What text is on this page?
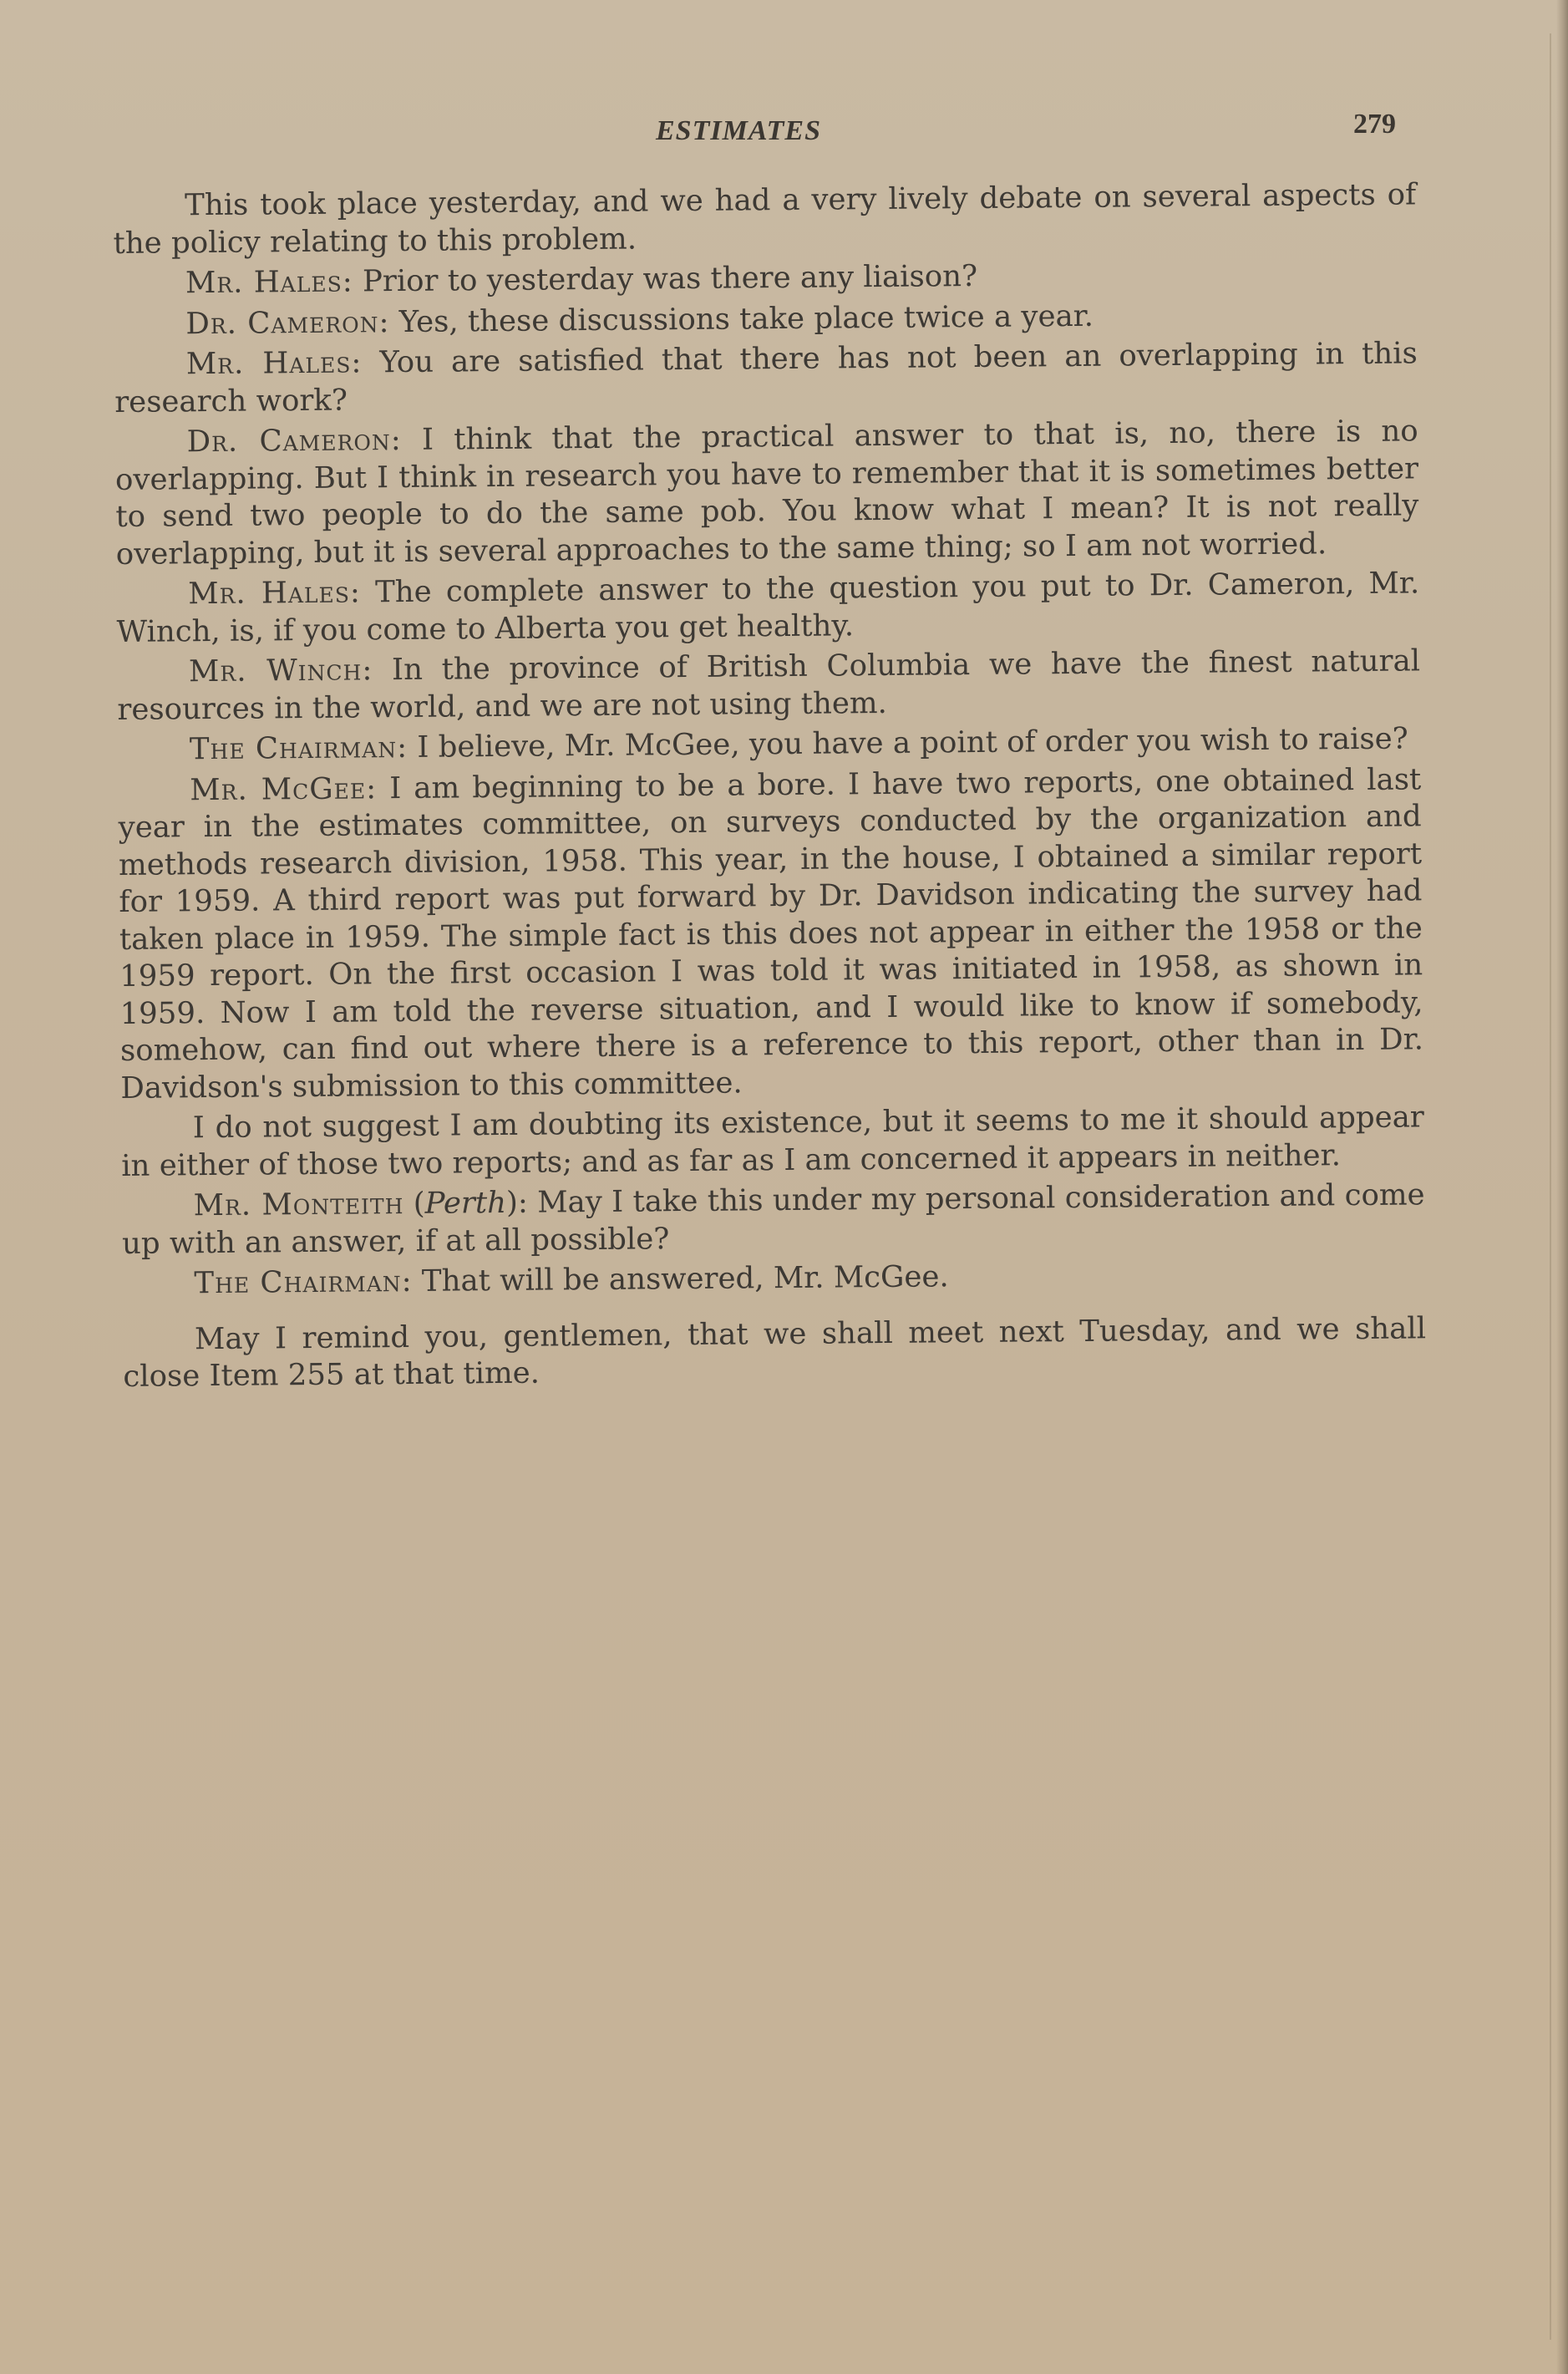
ESTIMATES	279

This took place yesterday, and we had a very lively debate on several aspects of the policy relating to this problem.

Mr. Hales: Prior to yesterday was there any liaison?

Dr. Cameron: Yes, these discussions take place twice a year.

Mr. Hales: You are satisfied that there has not been an overlapping in this research work?

Dr. Cameron: I think that the practical answer to that is, no, there is no overlapping. But I think in research you have to remember that it is sometimes better to send two people to do the same pob. You know what I mean? It is not really overlapping, but it is several approaches to the same thing; so I am not worried.

Mr. Hales: The complete answer to the question you put to Dr. Cameron, Mr. Winch, is, if you come to Alberta you get healthy.

Mr. Winch: In the province of British Columbia we have the finest natural resources in the world, and we are not using them.

The Chairman: I believe, Mr. McGee, you have a point of order you wish to raise?

Mr. McGee: I am beginning to be a bore. I have two reports, one obtained last year in the estimates committee, on surveys conducted by the organization and methods research division, 1958. This year, in the house, I obtained a similar report for 1959. A third report was put forward by Dr. Davidson indicating the survey had taken place in 1959. The simple fact is this does not appear in either the 1958 or the 1959 report. On the first occasion I was told it was initiated in 1958, as shown in 1959. Now I am told the reverse situation, and I would like to know if somebody, somehow, can find out where there is a reference to this report, other than in Dr. Davidson's submission to this committee.

I do not suggest I am doubting its existence, but it seems to me it should appear in either of those two reports; and as far as I am concerned it appears in neither.

Mr. Monteith (Perth): May I take this under my personal consideration and come up with an answer, if at all possible?

The Chairman: That will be answered, Mr. McGee.

May I remind you, gentlemen, that we shall meet next Tuesday, and we shall close Item 255 at that time.
